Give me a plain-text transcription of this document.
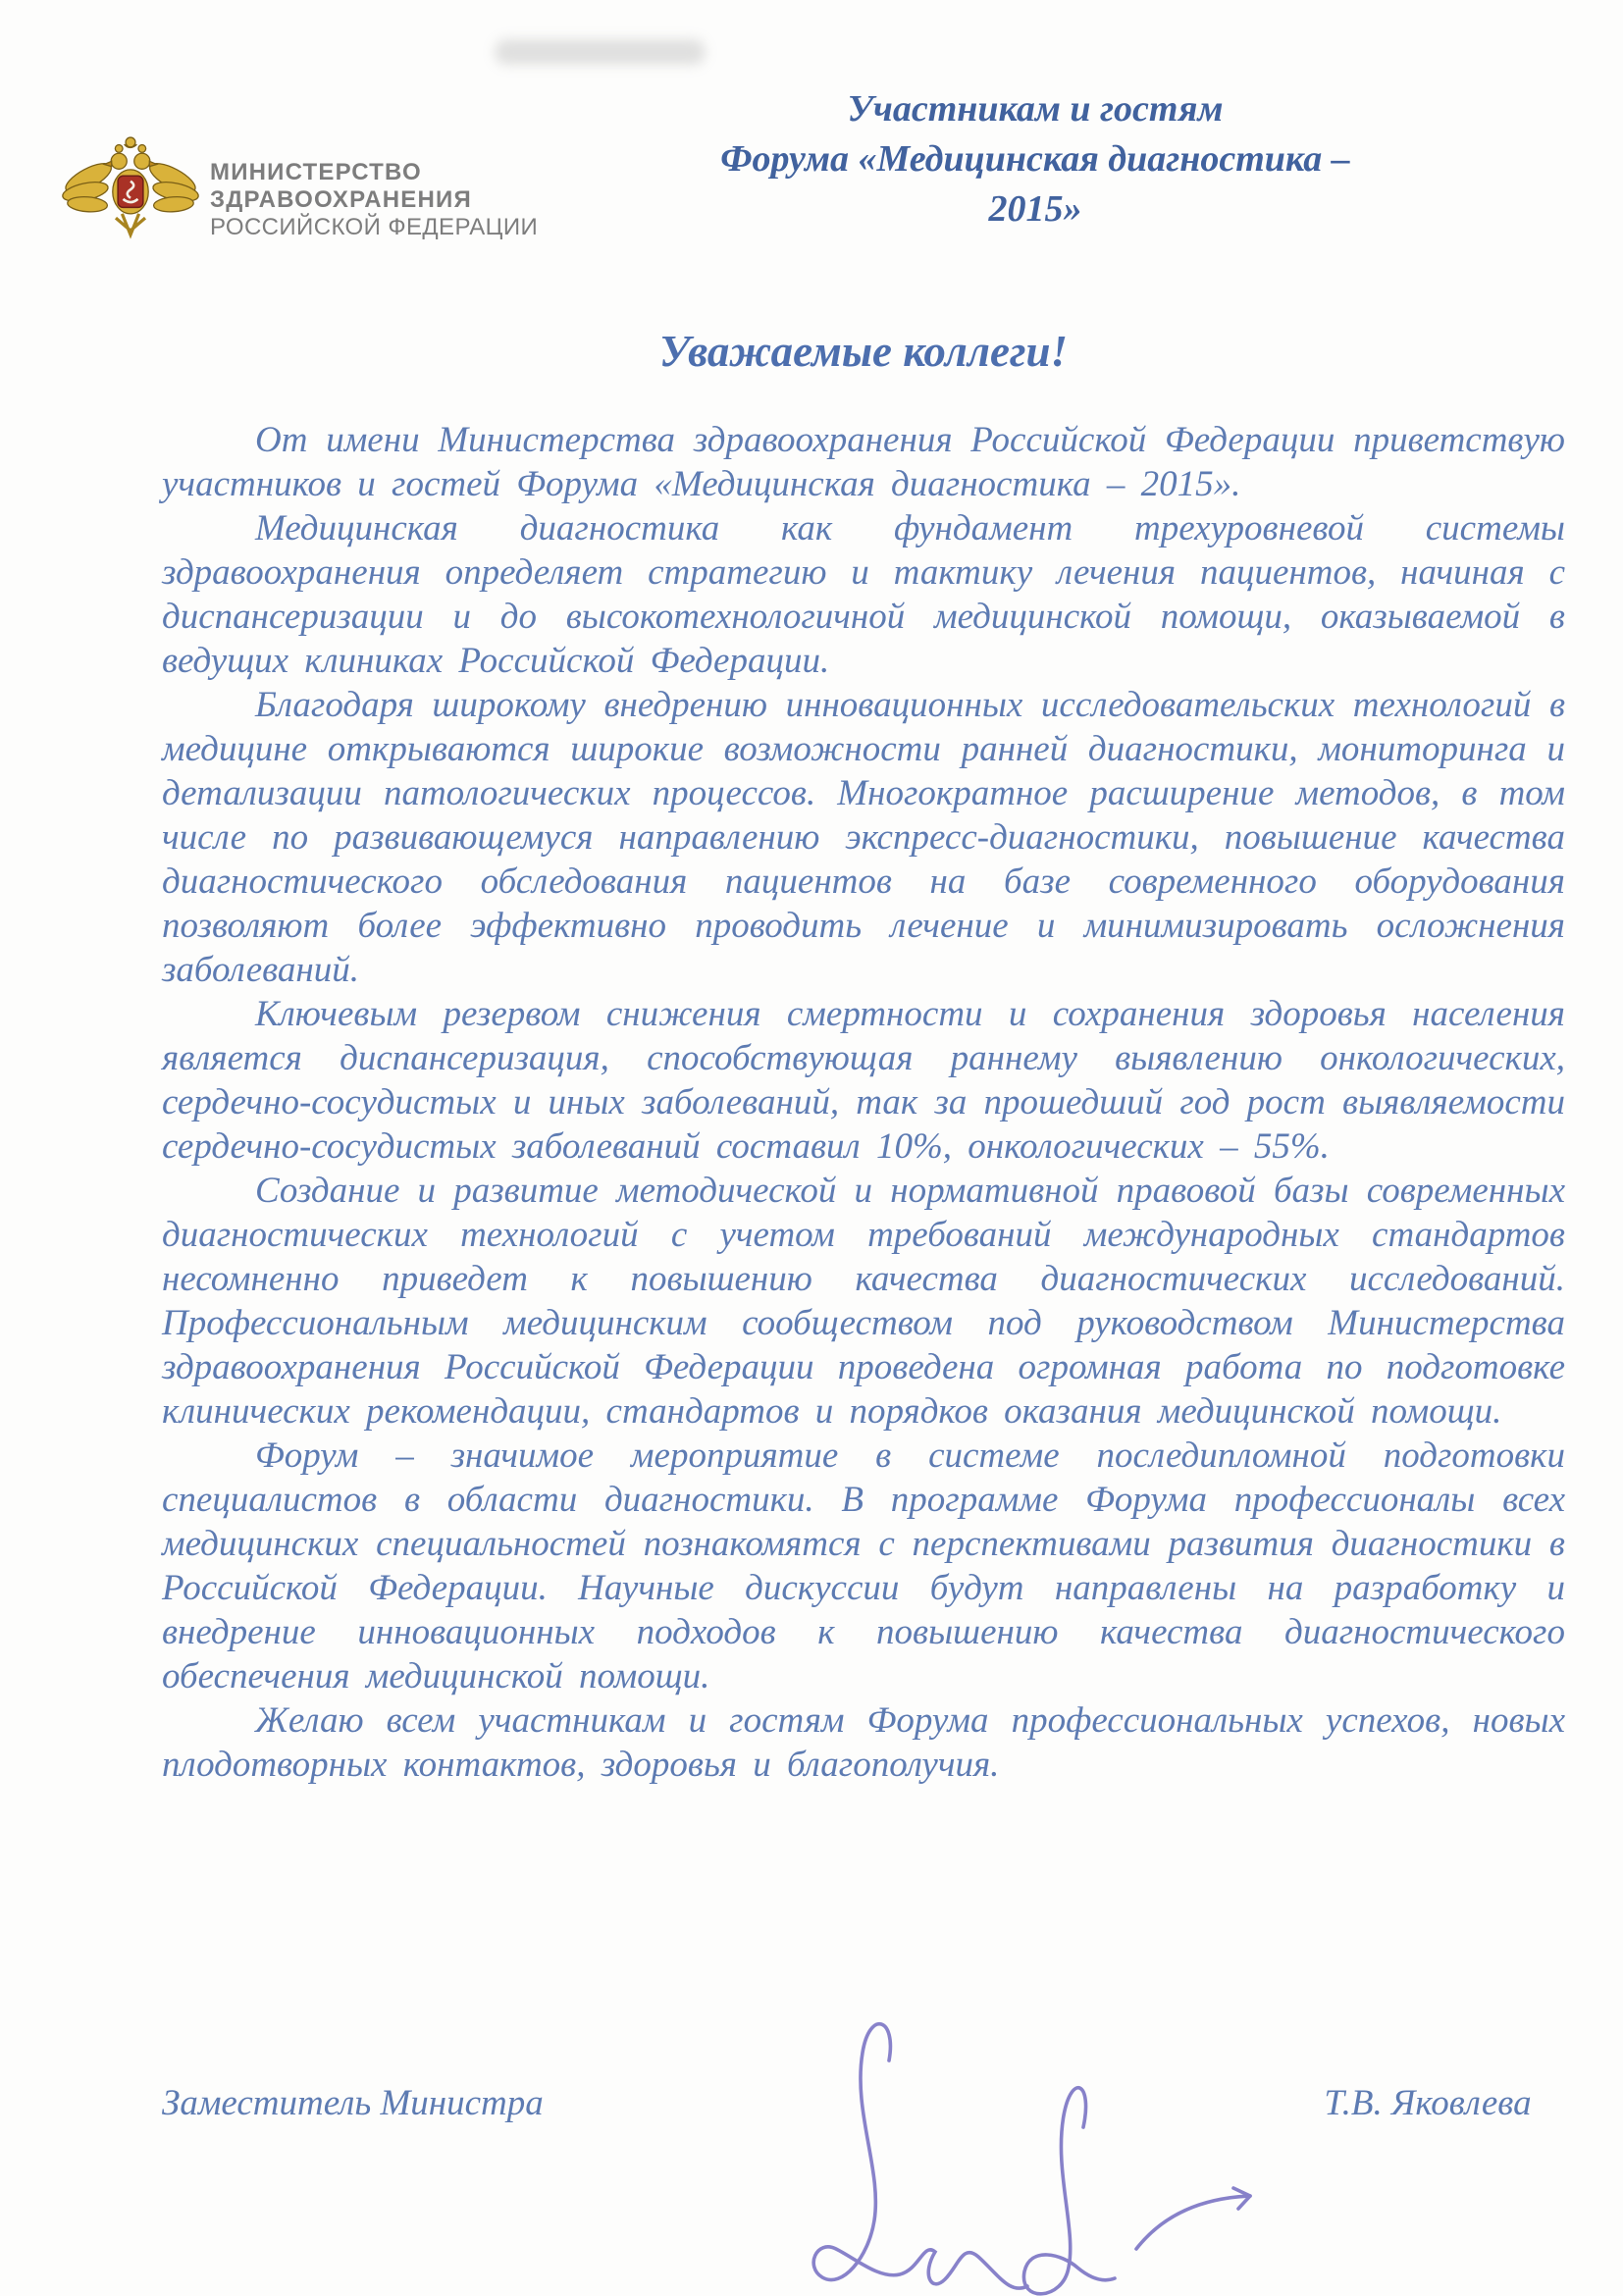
МИНИСТЕРСТВО
ЗДРАВООХРАНЕНИЯ
РОССИЙСКОЙ ФЕДЕРАЦИИ
Участникам и гостям
Форума «Медицинская диагностика – 2015»
Уважаемые коллеги!

От имени Министерства здравоохранения Российской Федерации приветствую участников и гостей Форума «Медицинская диагностика – 2015».

Медицинская диагностика как фундамент трехуровневой системы здравоохранения определяет стратегию и тактику лечения пациентов, начиная с диспансеризации и до высокотехнологичной медицинской помощи, оказываемой в ведущих клиниках Российской Федерации.

Благодаря широкому внедрению инновационных исследовательских технологий в медицине открываются широкие возможности ранней диагностики, мониторинга и детализации патологических процессов. Многократное расширение методов, в том числе по развивающемуся направлению экспресс-диагностики, повышение качества диагностического обследования пациентов на базе современного оборудования позволяют более эффективно проводить лечение и минимизировать осложнения заболеваний.

Ключевым резервом снижения смертности и сохранения здоровья населения является диспансеризация, способствующая раннему выявлению онкологических, сердечно-сосудистых и иных заболеваний, так за прошедший год рост выявляемости сердечно-сосудистых заболеваний составил 10%, онкологических – 55%.

Создание и развитие методической и нормативной правовой базы современных диагностических технологий с учетом требований международных стандартов несомненно приведет к повышению качества диагностических исследований. Профессиональным медицинским сообществом под руководством Министерства здравоохранения Российской Федерации проведена огромная работа по подготовке клинических рекомендации, стандартов и порядков оказания медицинской помощи.

Форум – значимое мероприятие в системе последипломной подготовки специалистов в области диагностики. В программе Форума профессионалы всех медицинских специальностей познакомятся с перспективами развития диагностики в Российской Федерации. Научные дискуссии будут направлены на разработку и внедрение инновационных подходов к повышению качества диагностического обеспечения медицинской помощи.

Желаю всем участникам и гостям Форума профессиональных успехов, новых плодотворных контактов, здоровья и благополучия.

Заместитель Министра	Т.В. Яковлева
